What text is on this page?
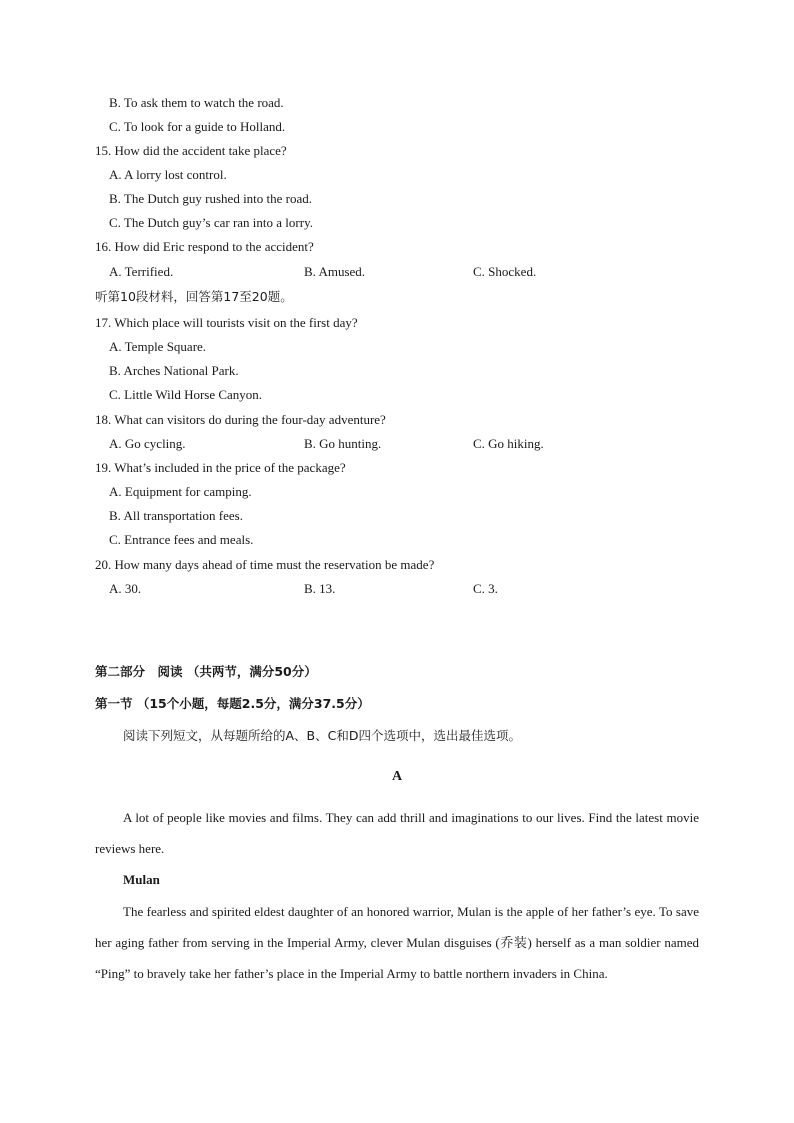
B. To ask them to watch the road.
C. To look for a guide to Holland.
15. How did the accident take place?
A. A lorry lost control.
B. The Dutch guy rushed into the road.
C. The Dutch guy’s car ran into a lorry.
16. How did Eric respond to the accident?
A. Terrified.	B. Amused.	C. Shocked.
听第10段材料，回答第17至20题。
17. Which place will tourists visit on the first day?
A. Temple Square.
B. Arches National Park.
C. Little Wild Horse Canyon.
18. What can visitors do during the four-day adventure?
A. Go cycling.	B. Go hunting.	C. Go hiking.
19. What’s included in the price of the package?
A. Equipment for camping.
B. All transportation fees.
C. Entrance fees and meals.
20. How many days ahead of time must the reservation be made?
A. 30.	B. 13.	C. 3.
第二部分　阅读 （共两节，满分50分）
第一节 （15个小题，每题2.5分，满分37.5分）
阅读下列短文，从每题所给的A、B、C和D四个选项中，选出最佳选项。
A

A lot of people like movies and films. They can add thrill and imaginations to our lives. Find the latest movie reviews here.

Mulan

The fearless and spirited eldest daughter of an honored warrior, Mulan is the apple of her father’s eye. To save her aging father from serving in the Imperial Army, clever Mulan disguises (乔装) herself as a man soldier named “Ping” to bravely take her father’s place in the Imperial Army to battle northern invaders in China.
